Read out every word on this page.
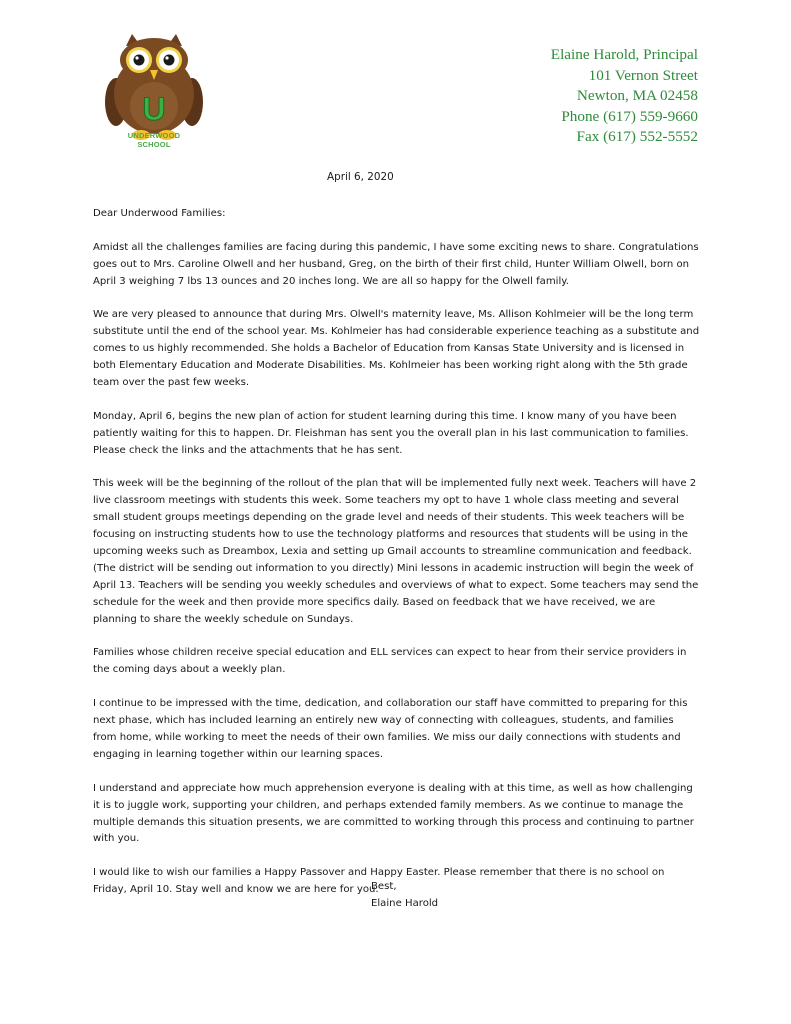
U
UNDERWOOD
SCHOOL
Elaine Harold, Principal
101 Vernon Street
Newton, MA 02458
Phone (617) 559-9660
Fax (617) 552-5552
April 6, 2020

Dear Underwood Families:

Amidst all the challenges families are facing during this pandemic, I have some exciting news to share. Congratulations goes out to Mrs. Caroline Olwell and her husband, Greg, on the birth of their first child, Hunter William Olwell, born on April 3 weighing 7 lbs 13 ounces and 20 inches long. We are all so happy for the Olwell family.

We are very pleased to announce that during Mrs. Olwell's maternity leave, Ms. Allison Kohlmeier will be the long term substitute until the end of the school year. Ms. Kohlmeier has had considerable experience teaching as a substitute and comes to us highly recommended. She holds a Bachelor of Education from Kansas State University and is licensed in both Elementary Education and Moderate Disabilities. Ms. Kohlmeier has been working right along with the 5th grade team over the past few weeks.

Monday, April 6, begins the new plan of action for student learning during this time. I know many of you have been patiently waiting for this to happen. Dr. Fleishman has sent you the overall plan in his last communication to families. Please check the links and the attachments that he has sent.

This week will be the beginning of the rollout of the plan that will be implemented fully next week. Teachers will have 2 live classroom meetings with students this week. Some teachers my opt to have 1 whole class meeting and several small student groups meetings depending on the grade level and needs of their students. This week teachers will be focusing on instructing students how to use the technology platforms and resources that students will be using in the upcoming weeks such as Dreambox, Lexia and setting up Gmail accounts to streamline communication and feedback. (The district will be sending out information to you directly) Mini lessons in academic instruction will begin the week of April 13. Teachers will be sending you weekly schedules and overviews of what to expect. Some teachers may send the schedule for the week and then provide more specifics daily. Based on feedback that we have received, we are planning to share the weekly schedule on Sundays.

Families whose children receive special education and ELL services can expect to hear from their service providers in the coming days about a weekly plan.

I continue to be impressed with the time, dedication, and collaboration our staff have committed to preparing for this next phase, which has included learning an entirely new way of connecting with colleagues, students, and families from home, while working to meet the needs of their own families. We miss our daily connections with students and engaging in learning together within our learning spaces.

I understand and appreciate how much apprehension everyone is dealing with at this time, as well as how challenging it is to juggle work, supporting your children, and perhaps extended family members. As we continue to manage the multiple demands this situation presents, we are committed to working through this process and continuing to partner with you.

I would like to wish our families a Happy Passover and Happy Easter. Please remember that there is no school on Friday, April 10. Stay well and know we are here for you.

Best,
Elaine Harold
